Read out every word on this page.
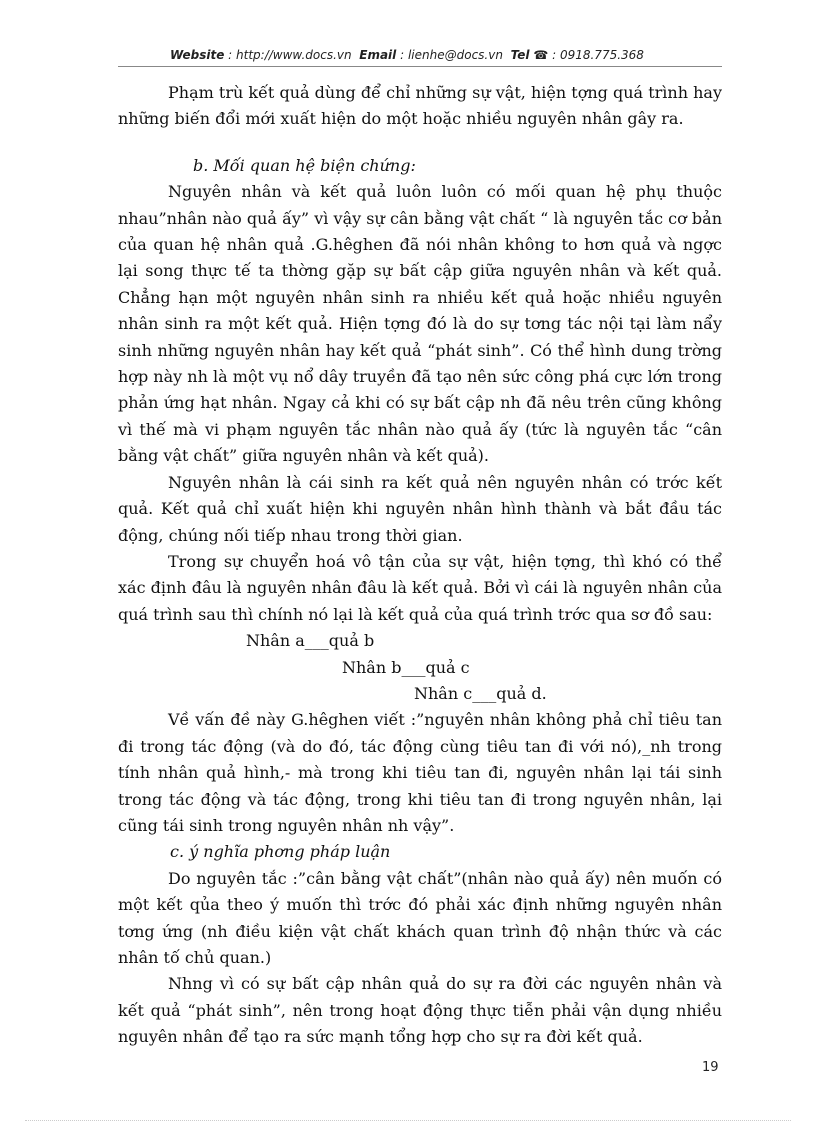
Website : http://www.docs.vn Email : lienhe@docs.vn Tel ☎ : 0918.775.368

Phạm trù kết quả dùng để chỉ những sự vật, hiện tợng quá trình hay những biến đổi mới xuất hiện do một hoặc nhiều nguyên nhân gây ra.

b. Mối quan hệ biện chứng:

Nguyên nhân và kết quả luôn luôn có mối quan hệ phụ thuộc nhau”nhân nào quả ấy” vì vậy sự cân bằng vật chất “ là nguyên tắc cơ bản của quan hệ nhân quả .G.hêghen đã nói nhân không to hơn quả và ngợc lại song thực tế ta thờng gặp sự bất cập giữa nguyên nhân và kết quả. Chẳng hạn một nguyên nhân sinh ra nhiều kết quả hoặc nhiều nguyên nhân sinh ra một kết quả. Hiện tợng đó là do sự tơng tác nội tại làm nẩy sinh những nguyên nhân hay kết quả “phát sinh”. Có thể hình dung trờng hợp này nh là một vụ nổ dây truyền đã tạo nên sức công phá cực lớn trong phản ứng hạt nhân. Ngay cả khi có sự bất cập nh đã nêu trên cũng không vì thế mà vi phạm nguyên tắc nhân nào quả ấy (tức là nguyên tắc “cân bằng vật chất” giữa nguyên nhân và kết quả).

Nguyên nhân là cái sinh ra kết quả nên nguyên nhân có trớc kết quả. Kết quả chỉ xuất hiện khi nguyên nhân hình thành và bắt đầu tác động, chúng nối tiếp nhau trong thời gian.

Trong sự chuyển hoá vô tận của sự vật, hiện tợng, thì khó có thể xác định đâu là nguyên nhân đâu là kết quả. Bởi vì cái là nguyên nhân của quá trình sau thì chính nó lại là kết quả của quá trình trớc qua sơ đồ sau:

Nhân a___quả b
Nhân b___quả c
Nhân c___quả d.

Về vấn đề này G.hêghen viết :”nguyên nhân không phả chỉ tiêu tan đi trong tác động (và do đó, tác động cùng tiêu tan đi với nó),_nh trong tính nhân quả hình,- mà trong khi tiêu tan đi, nguyên nhân lại tái sinh trong tác động và tác động, trong khi tiêu tan đi trong nguyên nhân, lại cũng tái sinh trong nguyên nhân nh vậy”.

c. ý nghĩa phơng pháp luận

Do nguyên tắc :”cân bằng vật chất”(nhân nào quả ấy) nên muốn có một kết qủa theo ý muốn thì trớc đó phải xác định những nguyên nhân tơng ứng (nh điều kiện vật chất khách quan trình độ nhận thức và các nhân tố chủ quan.)

Nhng vì có sự bất cập nhân quả do sự ra đời các nguyên nhân và kết quả “phát sinh”, nên trong hoạt động thực tiễn phải vận dụng nhiều nguyên nhân để tạo ra sức mạnh tổng hợp cho sự ra đời kết quả.

19
